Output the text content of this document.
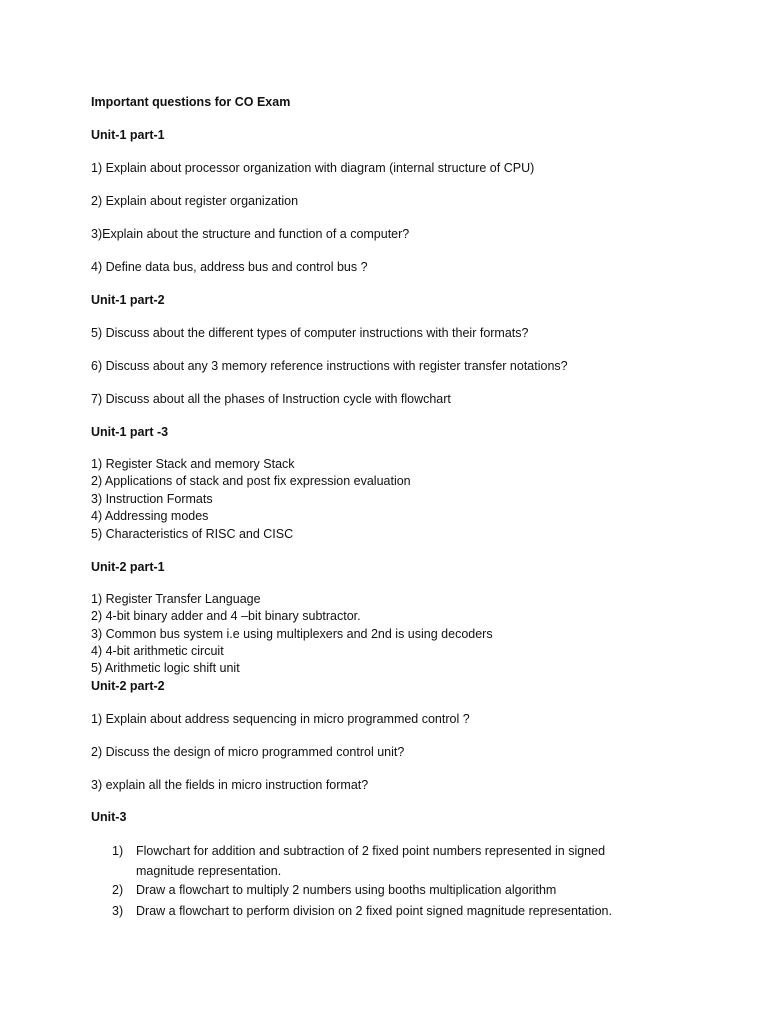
Important questions for CO Exam
Unit-1 part-1
1) Explain about processor organization with diagram (internal structure of CPU)
2) Explain about register organization
3)Explain about the structure and function of a computer?
4) Define data bus, address bus and control bus ?
Unit-1 part-2
5) Discuss about the different types of computer instructions with their formats?
6) Discuss about any 3 memory reference instructions with register transfer notations?
7) Discuss about all the phases of Instruction cycle with flowchart
Unit-1 part -3
1) Register Stack and memory Stack
2) Applications of stack and post fix expression evaluation
3) Instruction Formats
4) Addressing modes
5) Characteristics of RISC and CISC
Unit-2 part-1
1) Register Transfer Language
2) 4-bit binary adder and 4 –bit binary subtractor.
3) Common bus system i.e using multiplexers and 2nd is using decoders
4) 4-bit arithmetic circuit
5) Arithmetic logic shift unit
Unit-2 part-2
1) Explain about address sequencing in micro programmed control ?
2) Discuss the design of micro programmed control unit?
3) explain all the fields in micro instruction format?
Unit-3
1) Flowchart for addition and subtraction of 2 fixed point numbers represented in signed
magnitude representation.
2) Draw a flowchart to multiply 2 numbers using booths multiplication algorithm
3) Draw a flowchart to perform division on 2 fixed point signed magnitude representation.
